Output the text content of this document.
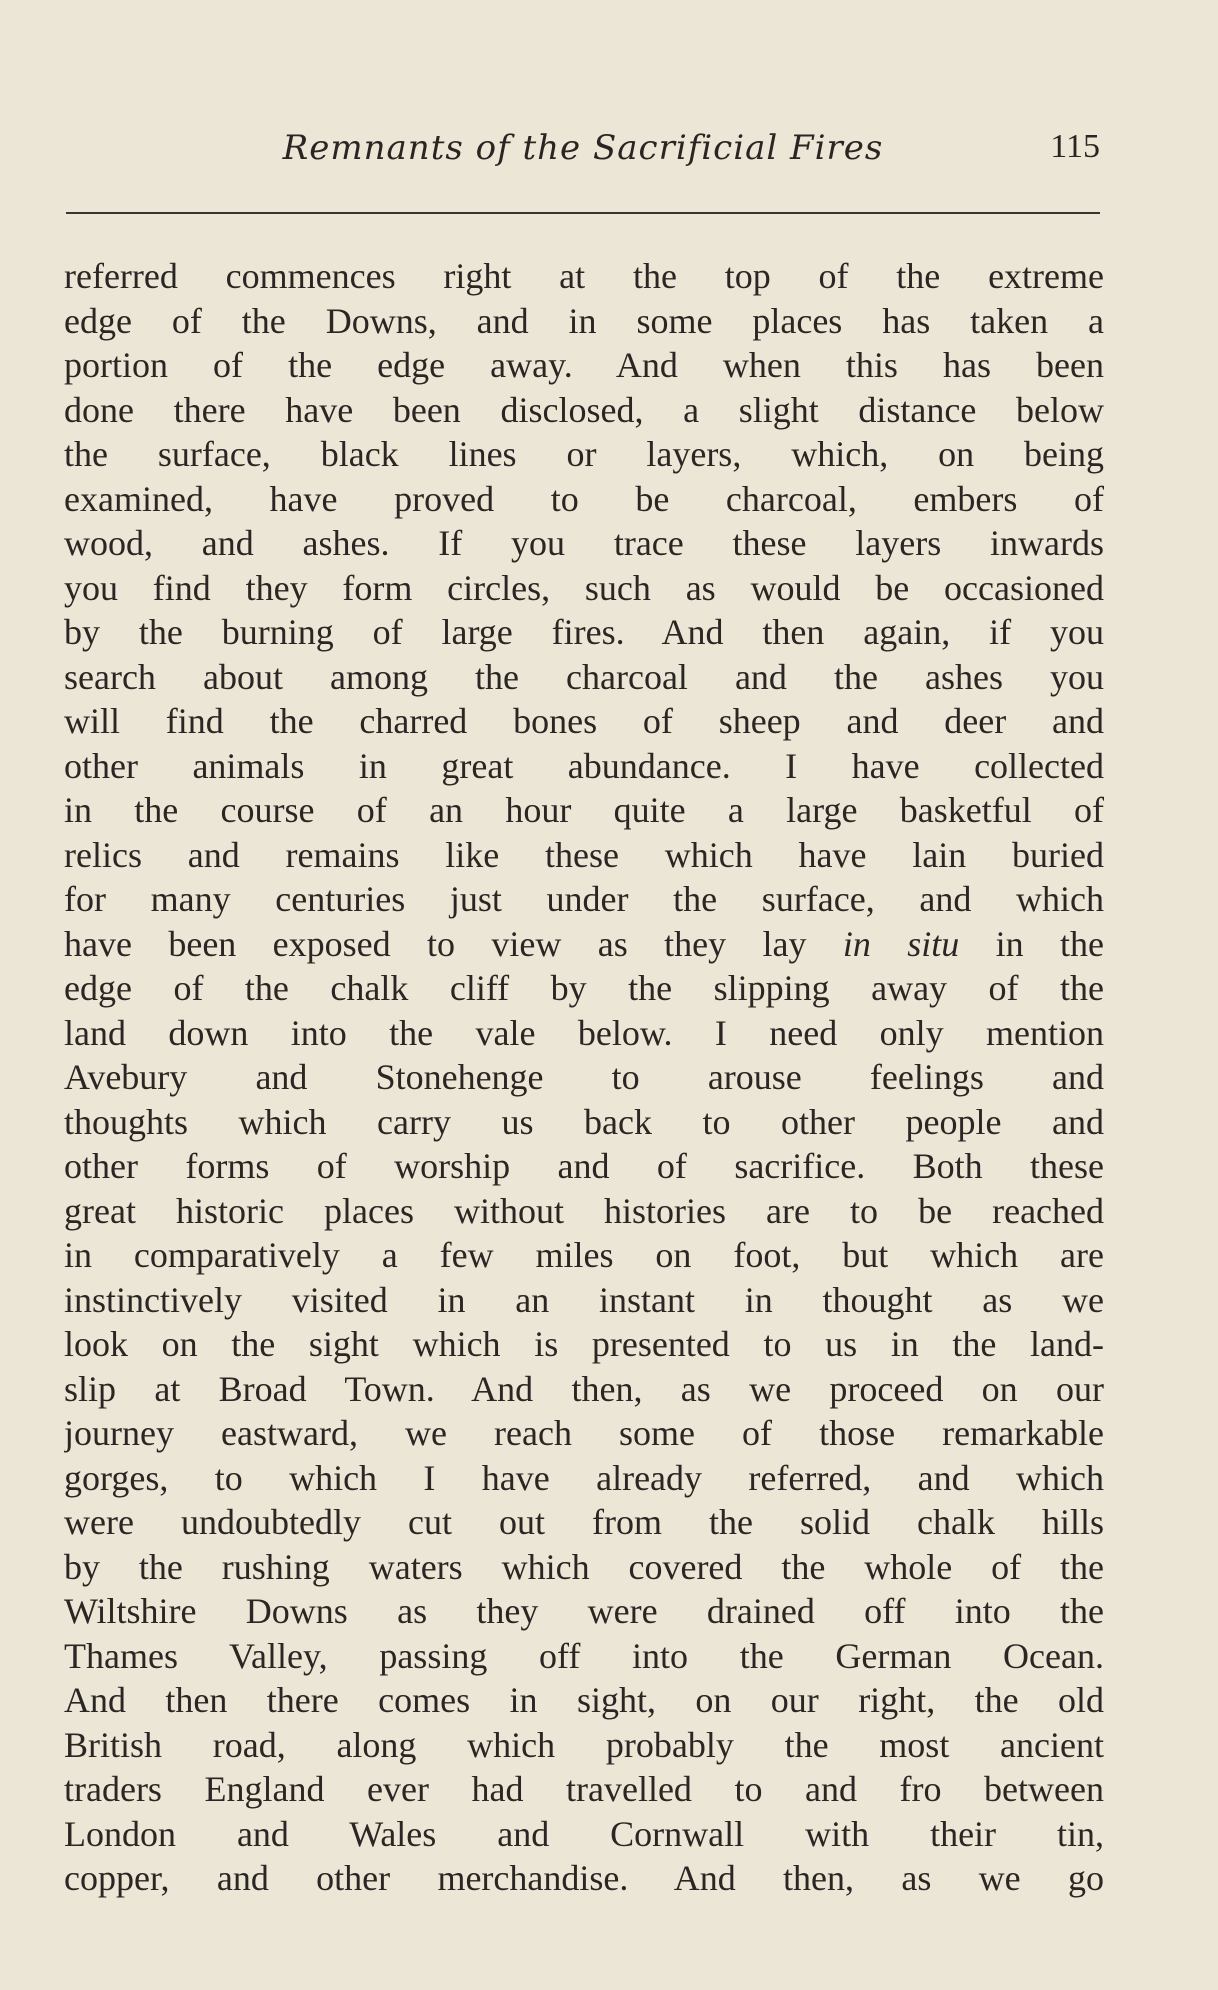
Remnants of the Sacrificial Fires	115
referred commences right at the top of the extreme
edge of the Downs, and in some places has taken a
portion of the edge away. And when this has been
done there have been disclosed, a slight distance below
the surface, black lines or layers, which, on being
examined, have proved to be charcoal, embers of
wood, and ashes. If you trace these layers inwards
you find they form circles, such as would be occasioned
by the burning of large fires. And then again, if you
search about among the charcoal and the ashes you
will find the charred bones of sheep and deer and
other animals in great abundance. I have collected
in the course of an hour quite a large basketful of
relics and remains like these which have lain buried
for many centuries just under the surface, and which
have been exposed to view as they lay in situ in the
edge of the chalk cliff by the slipping away of the
land down into the vale below. I need only mention
Avebury and Stonehenge to arouse feelings and
thoughts which carry us back to other people and
other forms of worship and of sacrifice. Both these
great historic places without histories are to be reached
in comparatively a few miles on foot, but which are
instinctively visited in an instant in thought as we
look on the sight which is presented to us in the land-
slip at Broad Town. And then, as we proceed on our
journey eastward, we reach some of those remarkable
gorges, to which I have already referred, and which
were undoubtedly cut out from the solid chalk hills
by the rushing waters which covered the whole of the
Wiltshire Downs as they were drained off into the
Thames Valley, passing off into the German Ocean.
And then there comes in sight, on our right, the old
British road, along which probably the most ancient
traders England ever had travelled to and fro between
London and Wales and Cornwall with their tin,
copper, and other merchandise. And then, as we go
